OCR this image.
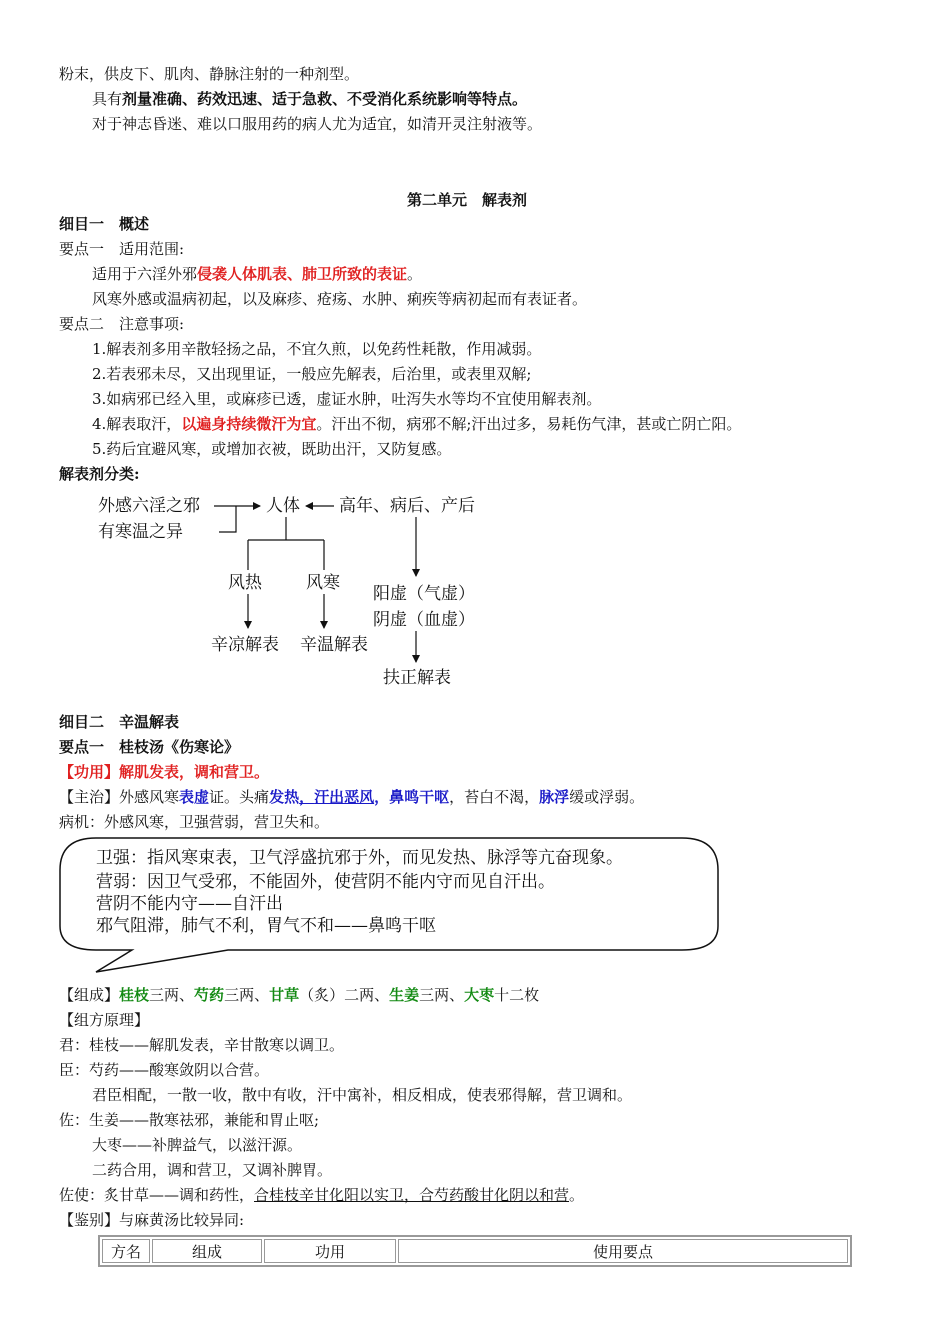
粉末，供皮下、肌肉、静脉注射的一种剂型。
具有剂量准确、药效迅速、适于急救、不受消化系统影响等特点。
对于神志昏迷、难以口服用药的病人尤为适宜，如清开灵注射液等。
第二单元　解表剂
细目一　概述
要点一　适用范围:
适用于六淫外邪侵袭人体肌表、肺卫所致的表证。
风寒外感或温病初起，以及麻疹、疮疡、水肿、痢疾等病初起而有表证者。
要点二　注意事项:
1.解表剂多用辛散轻扬之品，不宜久煎，以免药性耗散，作用减弱。
2.若表邪未尽，又出现里证，一般应先解表，后治里，或表里双解;
3.如病邪已经入里，或麻疹已透，虚证水肿，吐泻失水等均不宜使用解表剂。
4.解表取汗，以遍身持续微汗为宜。汗出不彻，病邪不解;汗出过多，易耗伤气津，甚或亡阴亡阳。
5.药后宜避风寒，或增加衣被，既助出汗，又防复感。
解表剂分类:
外感六淫之邪
有寒温之异
人体 高年、病后、产后
风热	风寒
阳虚（气虚）
阴虚（血虚）
辛凉解表 辛温解表
扶正解表
细目二　辛温解表
要点一　桂枝汤《伤寒论》
【功用】解肌发表，调和营卫。
【主治】外感风寒表虚证。头痛发热，汗出恶风，鼻鸣干呕，苔白不渴，脉浮缓或浮弱。
病机：外感风寒，卫强营弱，营卫失和。
卫强：指风寒束表，卫气浮盛抗邪于外，而见发热、脉浮等亢奋现象。
营弱：因卫气受邪，不能固外，使营阴不能内守而见自汗出。
营阴不能内守——自汗出
邪气阻滞，肺气不利，胃气不和——鼻鸣干呕
【组成】桂枝三两、芍药三两、甘草（炙）二两、生姜三两、大枣十二枚
【组方原理】
君：桂枝——解肌发表，辛甘散寒以调卫。
臣：芍药——酸寒敛阴以合营。
君臣相配，一散一收，散中有收，汗中寓补，相反相成，使表邪得解，营卫调和。
佐：生姜——散寒祛邪，兼能和胃止呕;
大枣——补脾益气，以滋汗源。
二药合用，调和营卫，又调补脾胃。
佐使：炙甘草——调和药性，合桂枝辛甘化阳以实卫，合芍药酸甘化阴以和营。
【鉴别】与麻黄汤比较异同:
方名	组成	功用	使用要点
